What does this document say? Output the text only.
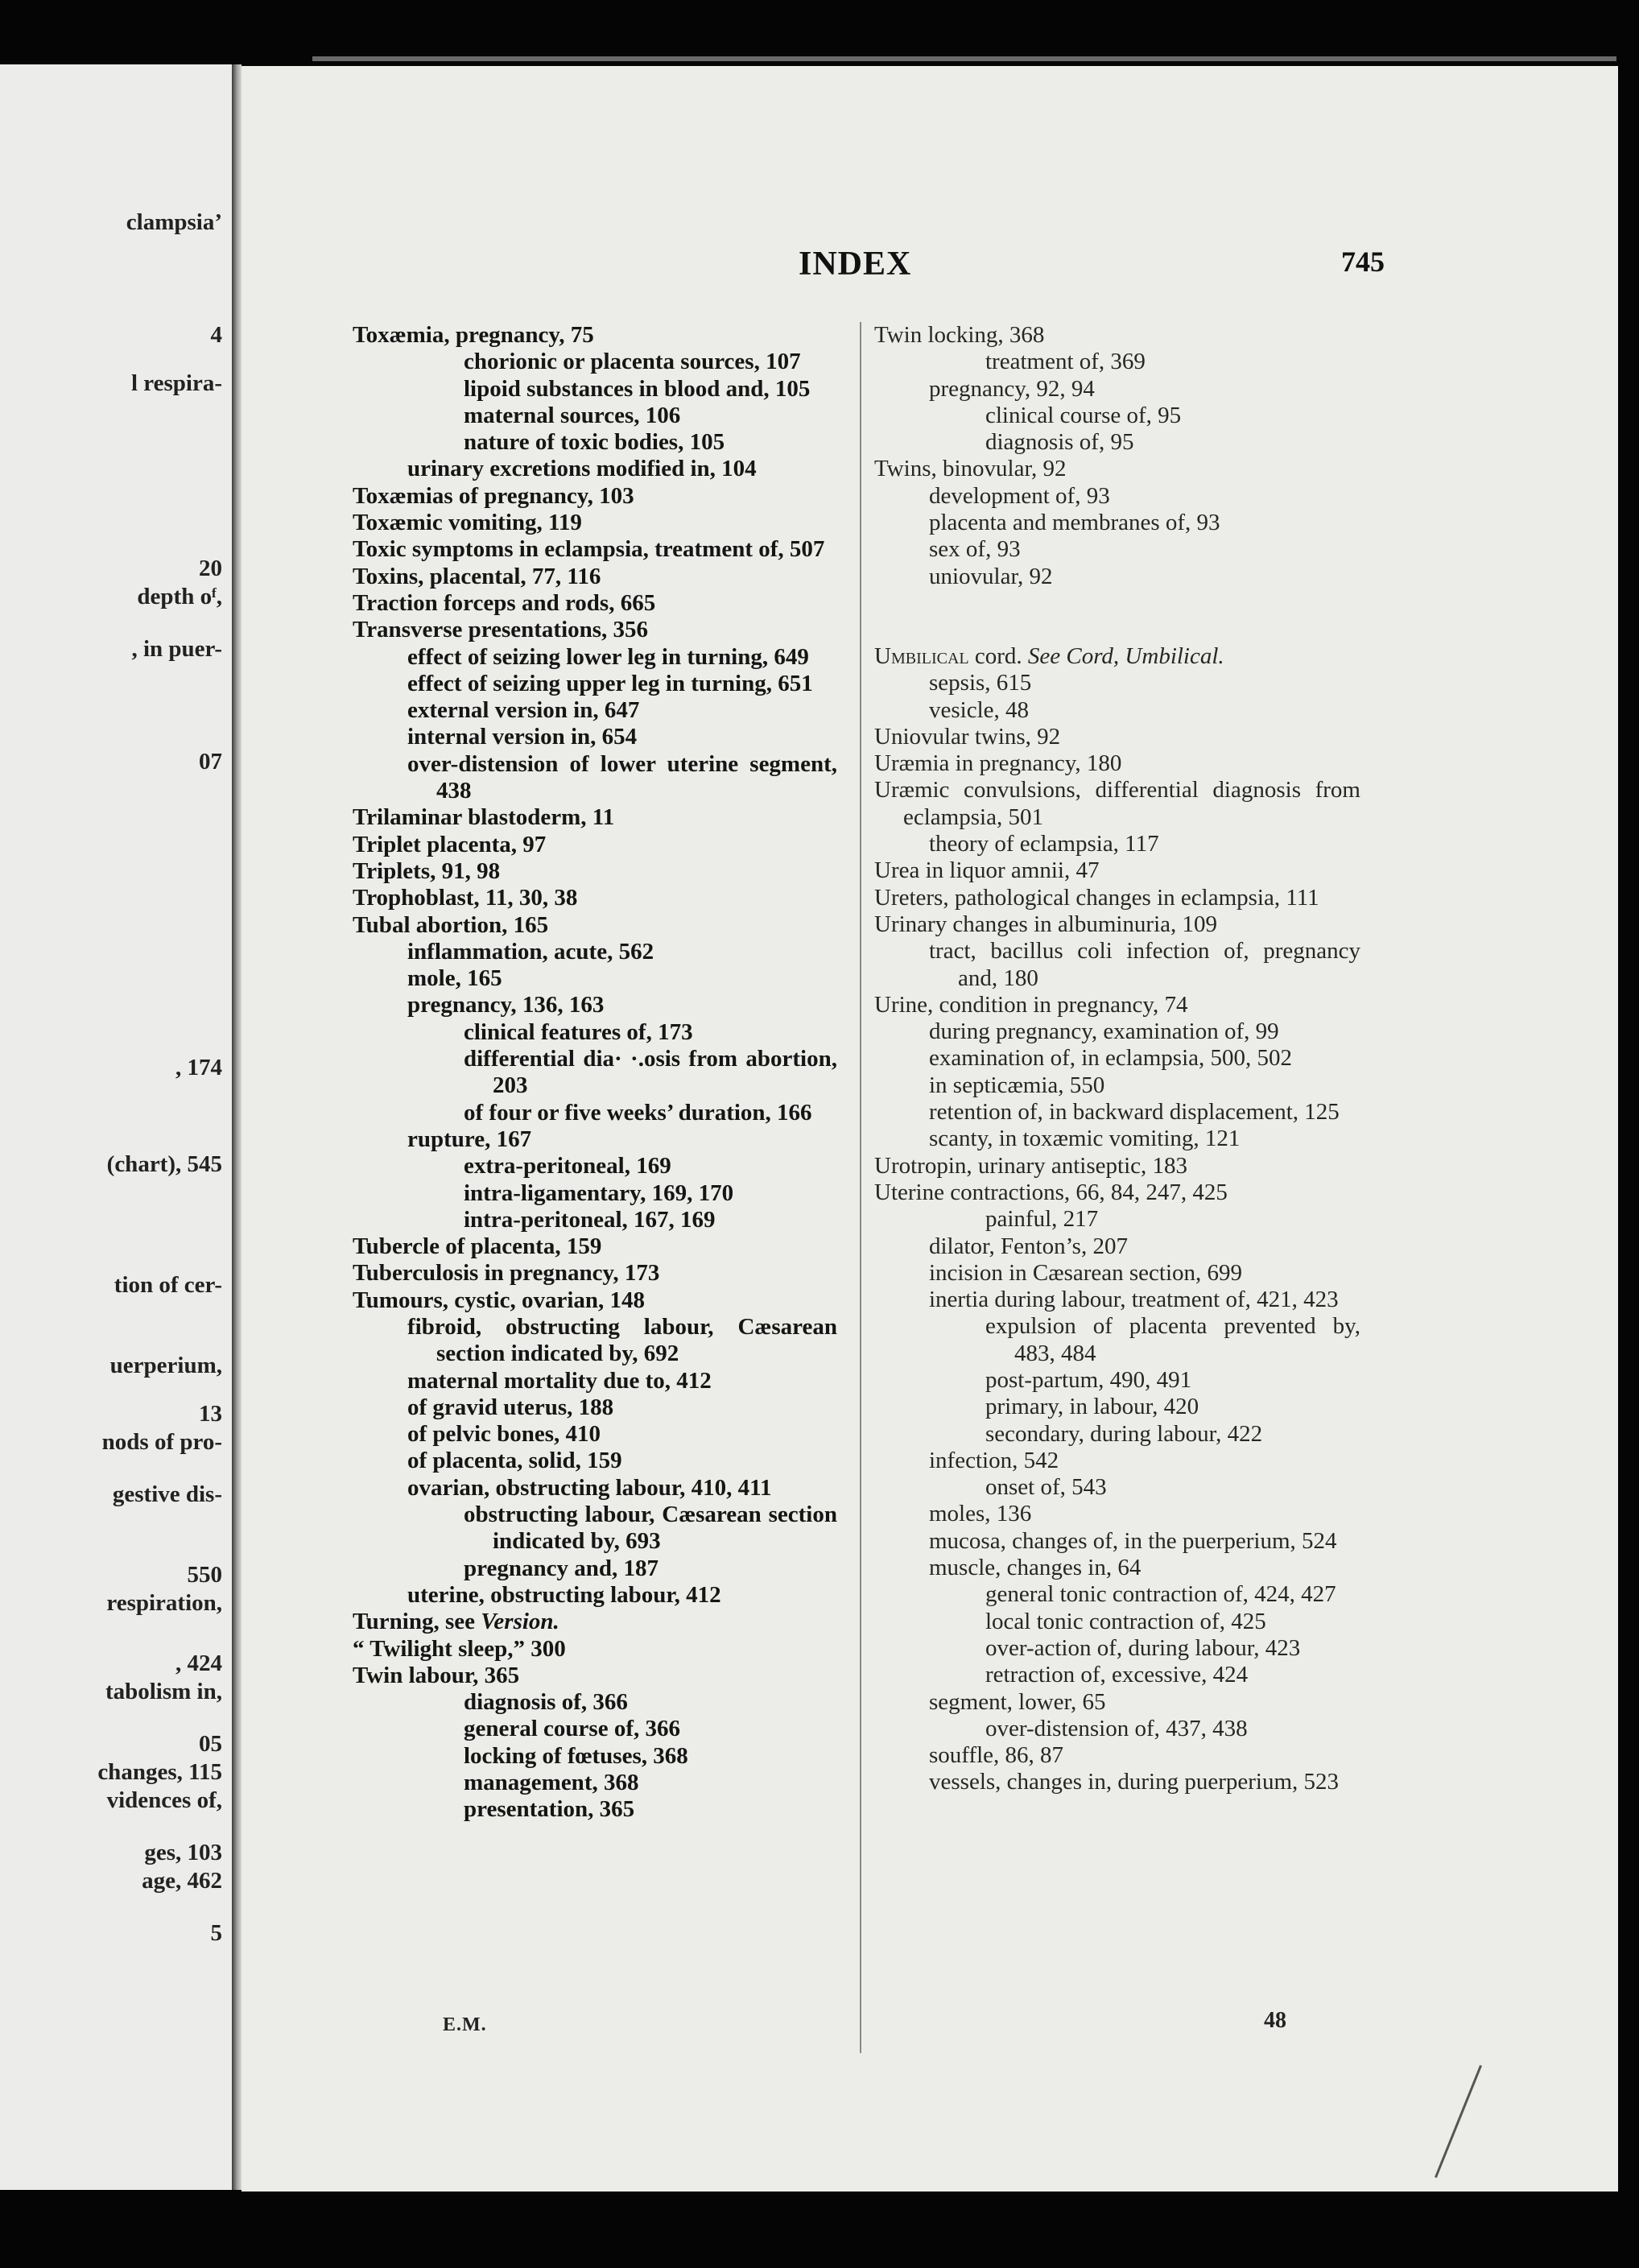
clampsia’
4
l respira-
20
depth oᶠ,
, in puer-
07
, 174
(chart), 545
tion of cer-
uerperium,
13
nods of pro-
gestive dis-
550
respiration,
, 424
tabolism in,
05
changes, 115
vidences of,
ges, 103
age, 462
5
INDEX	745
Toxæmia, pregnancy, 75
chorionic or placenta sources, 107
lipoid substances in blood and, 105
maternal sources, 106
nature of toxic bodies, 105
urinary excretions modified in, 104
Toxæmias of pregnancy, 103
Toxæmic vomiting, 119
Toxic symptoms in eclampsia, treatment of, 507
Toxins, placental, 77, 116
Traction forceps and rods, 665
Transverse presentations, 356
effect of seizing lower leg in turning, 649
effect of seizing upper leg in turning, 651
external version in, 647
internal version in, 654
over-distension of lower uterine segment, 438
Trilaminar blastoderm, 11
Triplet placenta, 97
Triplets, 91, 98
Trophoblast, 11, 30, 38
Tubal abortion, 165
inflammation, acute, 562
mole, 165
pregnancy, 136, 163
clinical features of, 173
differential dia· ·.osis from abortion, 203
of four or five weeks’ duration, 166
rupture, 167
extra-peritoneal, 169
intra-ligamentary, 169, 170
intra-peritoneal, 167, 169
Tubercle of placenta, 159
Tuberculosis in pregnancy, 173
Tumours, cystic, ovarian, 148
fibroid, obstructing labour, Cæsarean section indicated by, 692
maternal mortality due to, 412
of gravid uterus, 188
of pelvic bones, 410
of placenta, solid, 159
ovarian, obstructing labour, 410, 411
obstructing labour, Cæsarean section indicated by, 693
pregnancy and, 187
uterine, obstructing labour, 412
Turning, see Version.
“ Twilight sleep,” 300
Twin labour, 365
diagnosis of, 366
general course of, 366
locking of fœtuses, 368
management, 368
presentation, 365
Twin locking, 368
treatment of, 369
pregnancy, 92, 94
clinical course of, 95
diagnosis of, 95
Twins, binovular, 92
development of, 93
placenta and membranes of, 93
sex of, 93
uniovular, 92
Umbilical cord. See Cord, Umbilical.
sepsis, 615
vesicle, 48
Uniovular twins, 92
Uræmia in pregnancy, 180
Uræmic convulsions, differential diagnosis from eclampsia, 501
theory of eclampsia, 117
Urea in liquor amnii, 47
Ureters, pathological changes in eclampsia, 111
Urinary changes in albuminuria, 109
tract, bacillus coli infection of, pregnancy and, 180
Urine, condition in pregnancy, 74
during pregnancy, examination of, 99
examination of, in eclampsia, 500, 502
in septicæmia, 550
retention of, in backward displacement, 125
scanty, in toxæmic vomiting, 121
Urotropin, urinary antiseptic, 183
Uterine contractions, 66, 84, 247, 425
painful, 217
dilator, Fenton’s, 207
incision in Cæsarean section, 699
inertia during labour, treatment of, 421, 423
expulsion of placenta prevented by, 483, 484
post-partum, 490, 491
primary, in labour, 420
secondary, during labour, 422
infection, 542
onset of, 543
moles, 136
mucosa, changes of, in the puerperium, 524
muscle, changes in, 64
general tonic contraction of, 424, 427
local tonic contraction of, 425
over-action of, during labour, 423
retraction of, excessive, 424
segment, lower, 65
over-distension of, 437, 438
souffle, 86, 87
vessels, changes in, during puerperium, 523
E.M.	48
